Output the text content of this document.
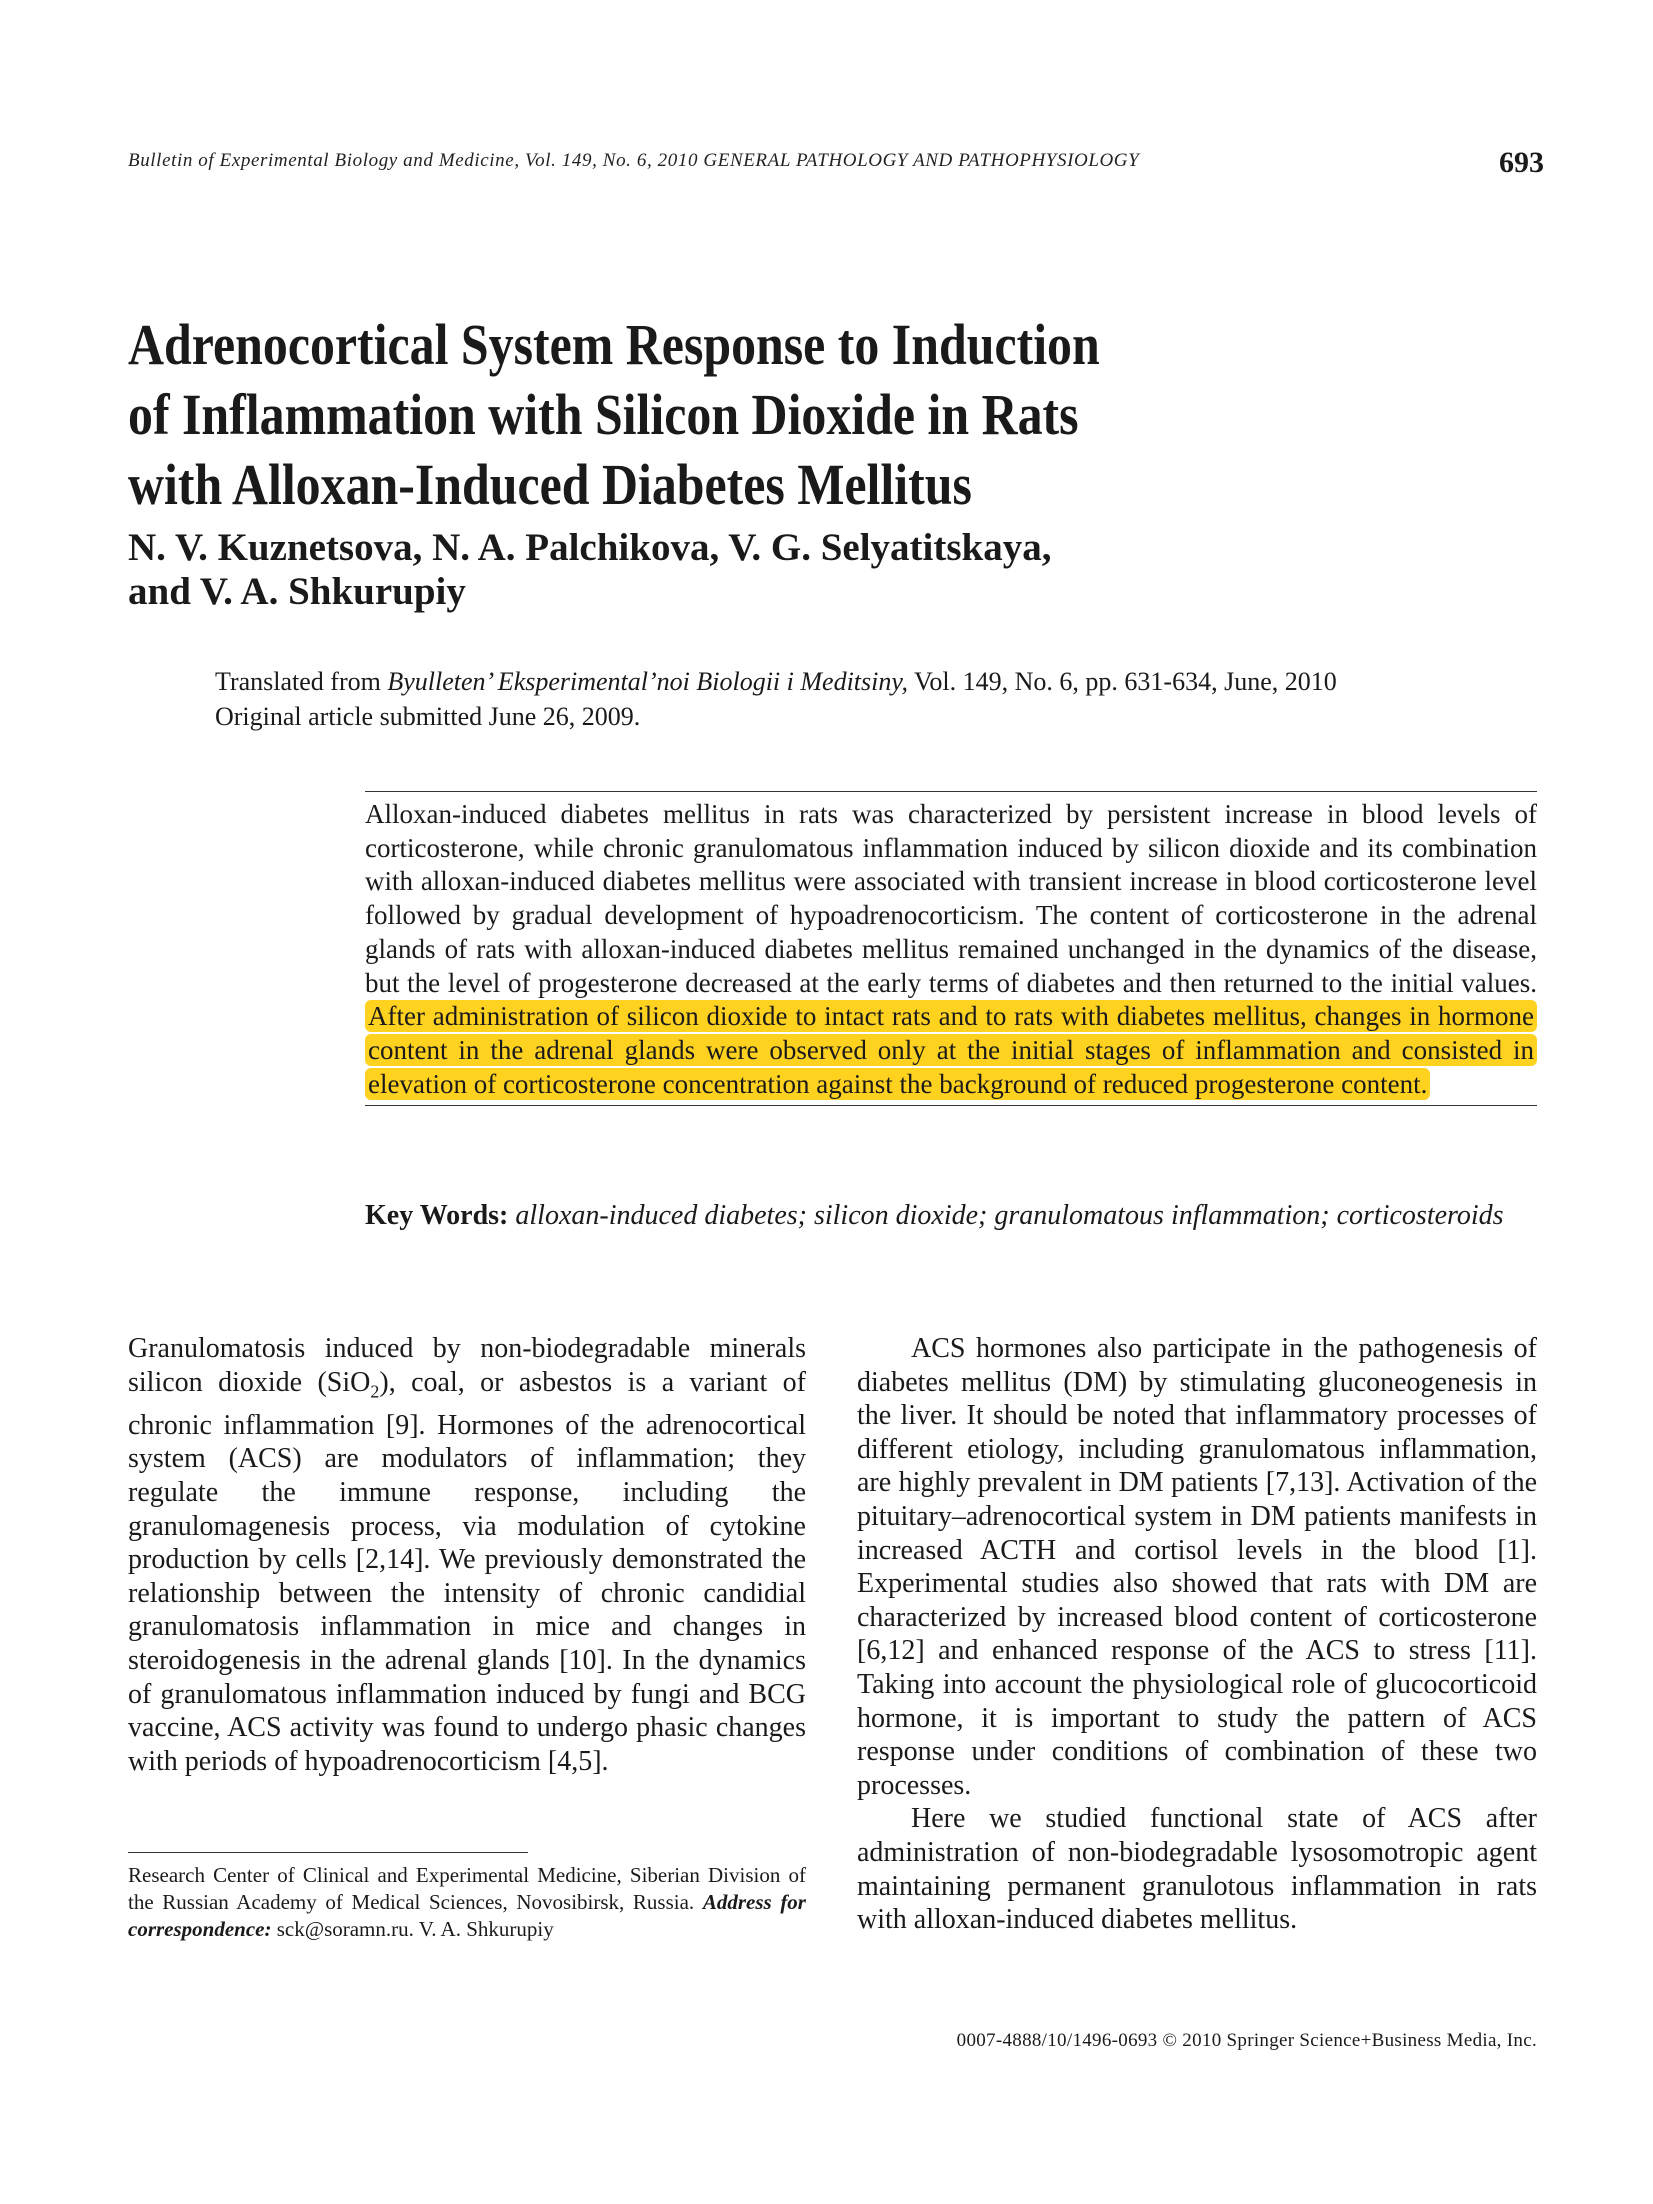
Bulletin of Experimental Biology and Medicine, Vol. 149, No. 6, 2010 GENERAL PATHOLOGY AND PATHOPHYSIOLOGY	693
Adrenocortical System Response to Induction
of Inflammation with Silicon Dioxide in Rats
with Alloxan-Induced Diabetes Mellitus
N. V. Kuznetsova, N. A. Palchikova, V. G. Selyatitskaya,
and V. A. Shkurupiy
Translated from Byulleten’ Eksperimental’noi Biologii i Meditsiny, Vol. 149, No. 6, pp. 631-634, June, 2010
Original article submitted June 26, 2009.

Alloxan-induced diabetes mellitus in rats was characterized by persistent increase in blood levels of corticosterone, while chronic granulomatous inflammation induced by silicon dioxide and its combination with alloxan-induced diabetes mellitus were associated with transient increase in blood corticosterone level followed by gradual development of hypoadrenocorticism. The content of corticosterone in the adrenal glands of rats with alloxan-induced diabetes mellitus remained unchanged in the dynamics of the disease, but the level of progesterone decreased at the early terms of diabetes and then returned to the initial values. After administration of silicon dioxide to intact rats and to rats with diabetes mellitus, changes in hormone content in the adrenal glands were observed only at the initial stages of inflammation and consisted in elevation of corticosterone concentration against the background of reduced progesterone content.

Key Words: alloxan-induced diabetes; silicon dioxide; granulomatous inflammation; corticosteroids

Granulomatosis induced by non-biodegradable minerals silicon dioxide (SiO$_2$), coal, or asbestos is a variant of chronic inflammation [9]. Hormones of the adrenocortical system (ACS) are modulators of inflammation; they regulate the immune response, including the granulomagenesis process, via modulation of cytokine production by cells [2,14]. We previously demonstrated the relationship between the intensity of chronic candidial granulomatosis inflammation in mice and changes in steroidogenesis in the adrenal glands [10]. In the dynamics of granulomatous inflammation induced by fungi and BCG vaccine, ACS activity was found to undergo phasic changes with periods of hypoadrenocorticism [4,5].

ACS hormones also participate in the pathogenesis of diabetes mellitus (DM) by stimulating gluconeogenesis in the liver. It should be noted that inflammatory processes of different etiology, including granulomatous inflammation, are highly prevalent in DM patients [7,13]. Activation of the pituitary–adrenocortical system in DM patients manifests in increased ACTH and cortisol levels in the blood [1]. Experimental studies also showed that rats with DM are characterized by increased blood content of corticosterone [6,12] and enhanced response of the ACS to stress [11]. Taking into account the physiological role of glucocorticoid hormone, it is important to study the pattern of ACS response under conditions of combination of these two processes.

Here we studied functional state of ACS after administration of non-biodegradable lysosomotropic agent maintaining permanent granulotous inflammation in rats with alloxan-induced diabetes mellitus.

Research Center of Clinical and Experimental Medicine, Siberian Division of the Russian Academy of Medical Sciences, Novosibirsk, Russia. Address for correspondence: sck@soramn.ru. V. A. Shkurupiy
0007-4888/10/1496-0693 © 2010 Springer Science+Business Media, Inc.
